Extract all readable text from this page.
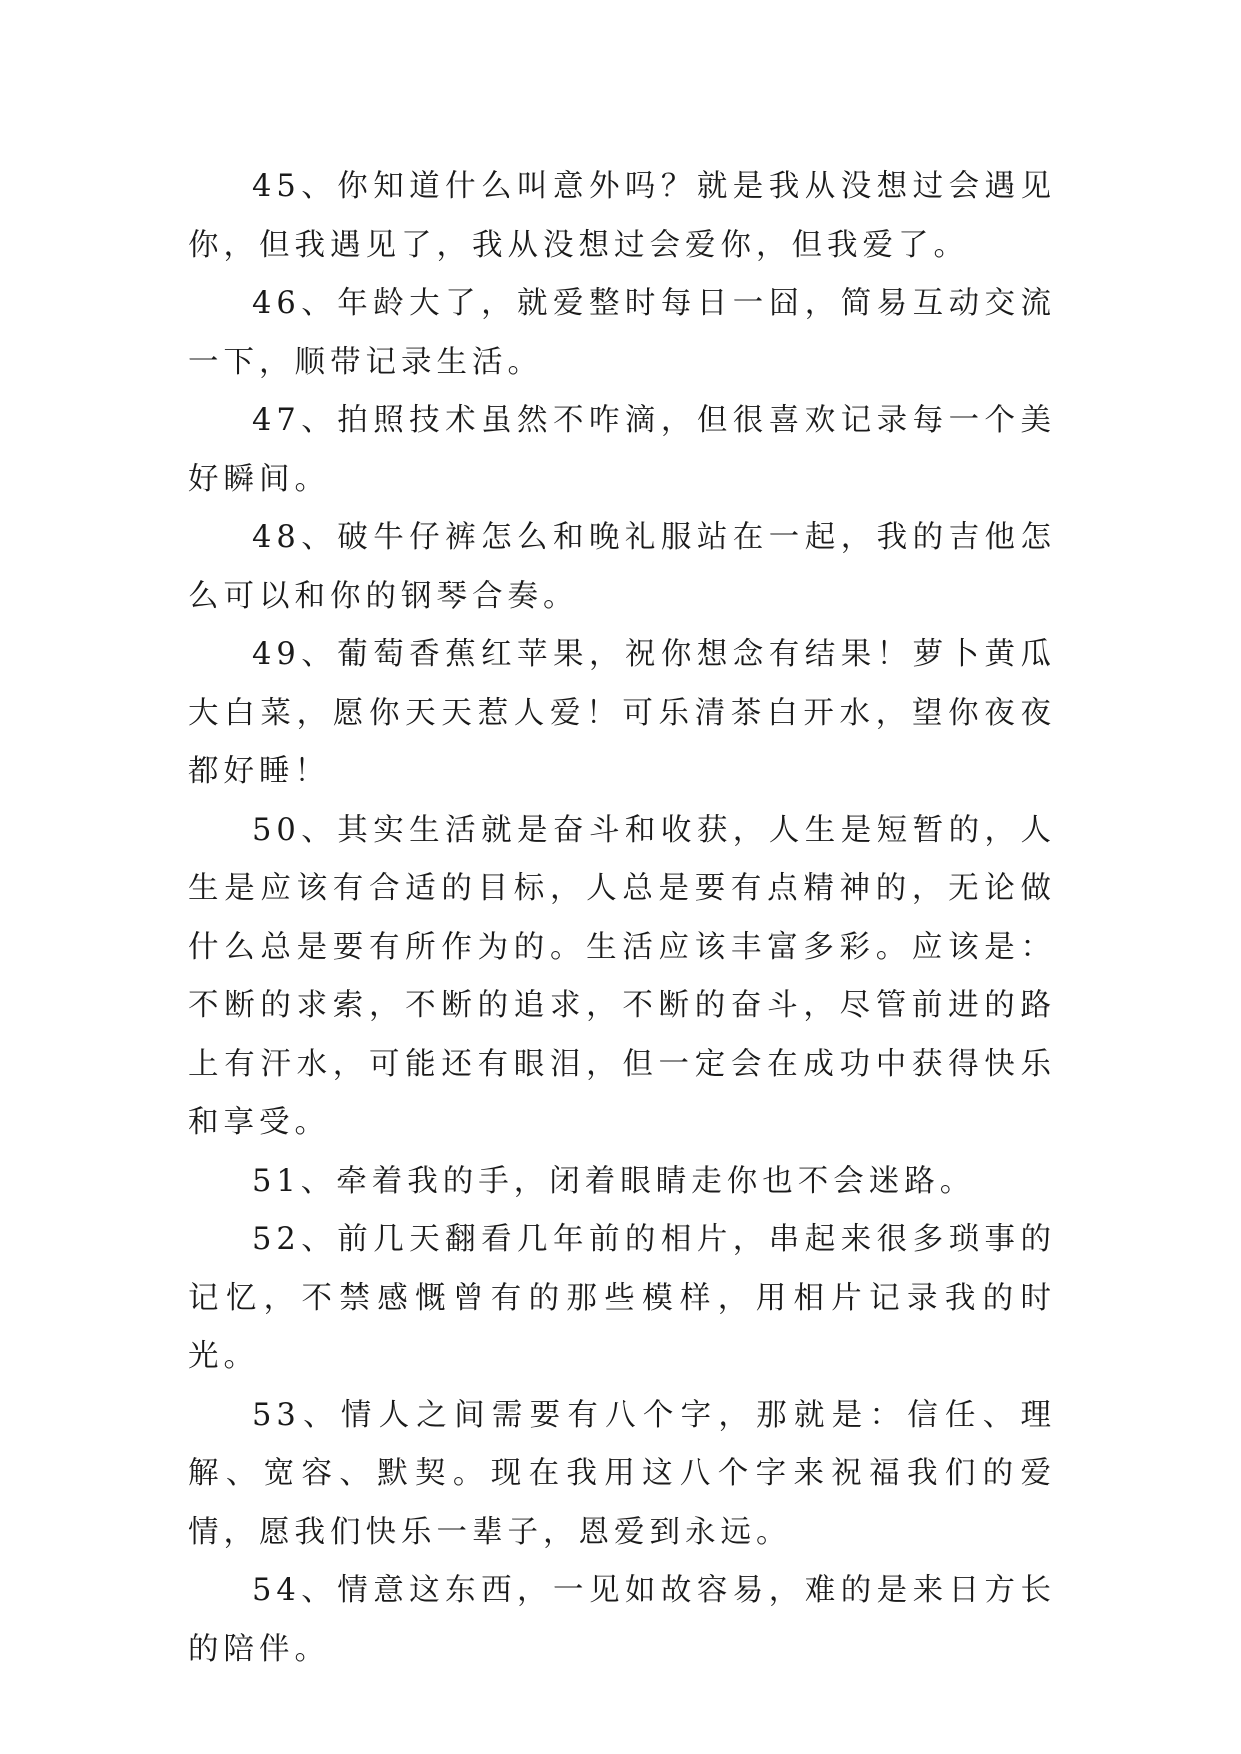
45、你知道什么叫意外吗？就是我从没想过会遇见你，但我遇见了，我从没想过会爱你，但我爱了。

46、年龄大了，就爱整时每日一囧，简易互动交流一下，顺带记录生活。

47、拍照技术虽然不咋滴，但很喜欢记录每一个美好瞬间。

48、破牛仔裤怎么和晚礼服站在一起，我的吉他怎么可以和你的钢琴合奏。

49、葡萄香蕉红苹果，祝你想念有结果！萝卜黄瓜大白菜，愿你天天惹人爱！可乐清茶白开水，望你夜夜都好睡！

50、其实生活就是奋斗和收获，人生是短暂的，人生是应该有合适的目标，人总是要有点精神的，无论做什么总是要有所作为的。生活应该丰富多彩。应该是：不断的求索，不断的追求，不断的奋斗，尽管前进的路上有汗水，可能还有眼泪，但一定会在成功中获得快乐和享受。

51、牵着我的手，闭着眼睛走你也不会迷路。

52、前几天翻看几年前的相片，串起来很多琐事的记忆，不禁感慨曾有的那些模样，用相片记录我的时光。

53、情人之间需要有八个字，那就是：信任、理解、宽容、默契。现在我用这八个字来祝福我们的爱情，愿我们快乐一辈子，恩爱到永远。

54、情意这东西，一见如故容易，难的是来日方长的陪伴。
